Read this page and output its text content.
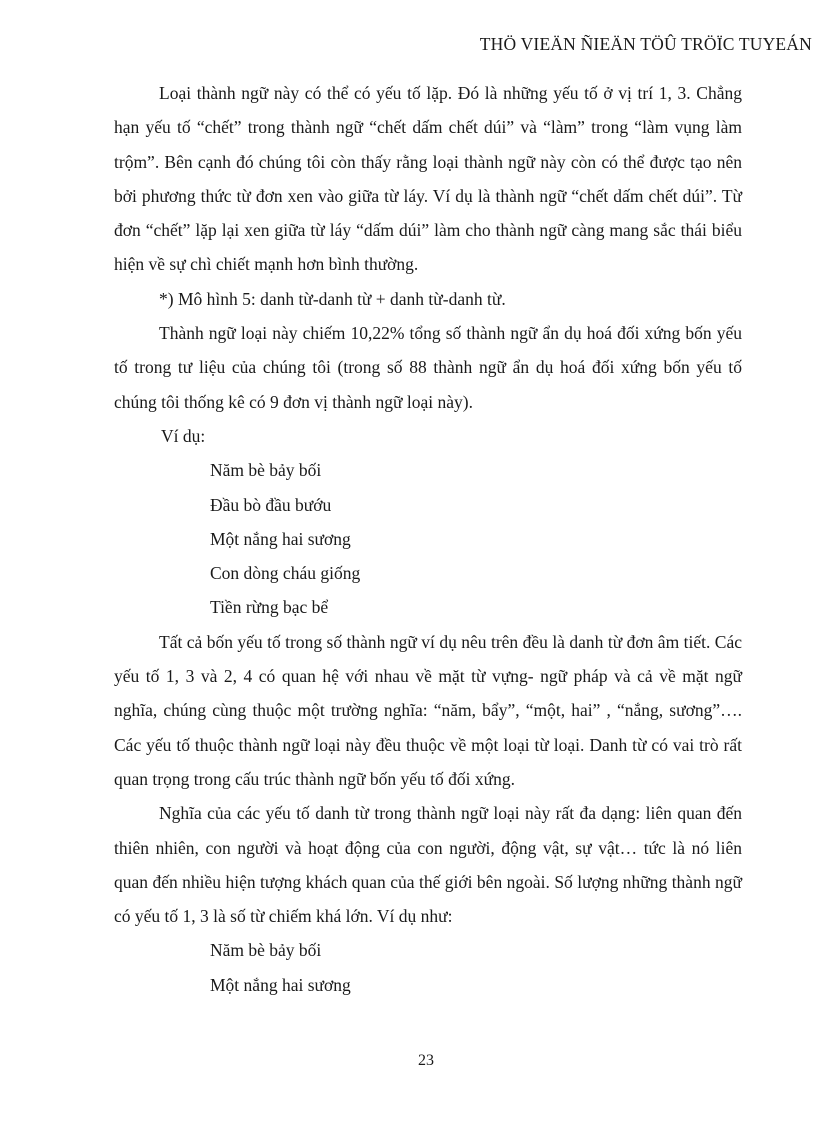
THÖ VIEÄN ÑIEÄN TÖÛ TRÖÏC TUYEÁN

Loại thành ngữ này có thể có yếu tố lặp. Đó là những yếu tố ở vị trí 1, 3. Chẳng hạn yếu tố “chết” trong thành ngữ “chết dấm chết dúi” và “làm” trong “làm vụng làm trộm”. Bên cạnh đó chúng tôi còn thấy rằng loại thành ngữ này còn có thể được tạo nên bởi phương thức từ đơn xen vào giữa từ láy. Ví dụ là thành ngữ “chết dấm chết dúi”. Từ đơn “chết” lặp lại xen giữa từ láy “dấm dúi” làm cho thành ngữ càng mang sắc thái biểu hiện về sự chì chiết mạnh hơn bình thường.

*) Mô hình 5: danh từ-danh từ + danh từ-danh từ.

Thành ngữ loại này chiếm 10,22% tổng số thành ngữ ẩn dụ hoá đối xứng bốn yếu tố trong tư liệu của chúng tôi (trong số 88 thành ngữ ẩn dụ hoá đối xứng bốn yếu tố chúng tôi thống kê có 9 đơn vị thành ngữ loại này).

Ví dụ:

Năm bè bảy bối

Đầu bò đầu bướu

Một nắng hai sương

Con dòng cháu giống

Tiền rừng bạc bể

Tất cả bốn yếu tố trong số thành ngữ ví dụ nêu trên đều là danh từ đơn âm tiết. Các yếu tố 1, 3 và 2, 4 có quan hệ với nhau về mặt từ vựng- ngữ pháp và cả về mặt ngữ nghĩa, chúng cùng thuộc một trường nghĩa: “năm, bẩy”, “một, hai” , “nắng, sương”…. Các yếu tố thuộc thành ngữ loại này đều thuộc về một loại từ loại. Danh từ có vai trò rất quan trọng trong cấu trúc thành ngữ bốn yếu tố đối xứng.

Nghĩa của các yếu tố danh từ trong thành ngữ loại này rất đa dạng: liên quan đến thiên nhiên, con người và hoạt động của con người, động vật, sự vật… tức là nó liên quan đến nhiều hiện tượng khách quan của thế giới bên ngoài. Số lượng những thành ngữ có yếu tố 1, 3 là số từ chiếm khá lớn. Ví dụ như:

Năm bè bảy bối

Một nắng hai sương

23
